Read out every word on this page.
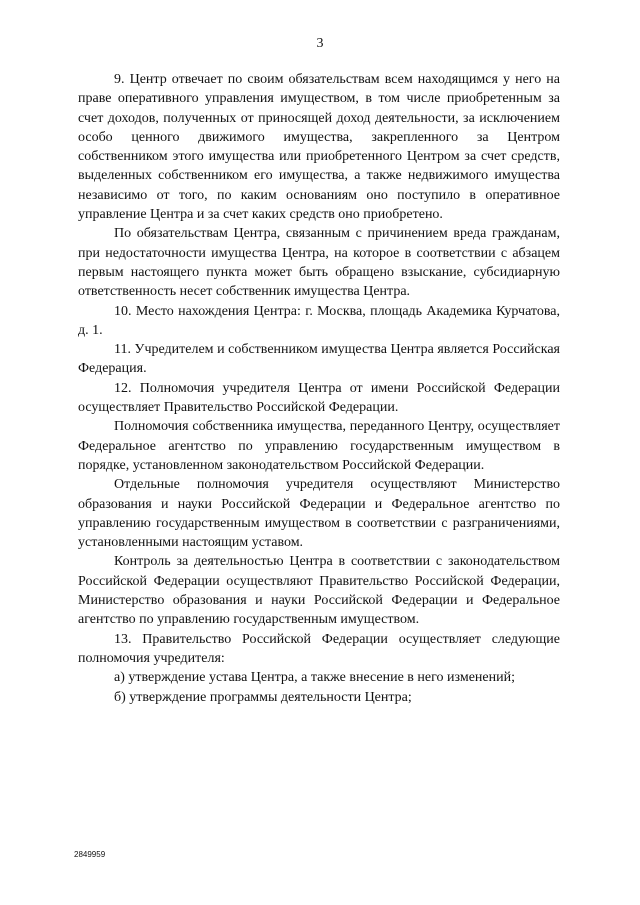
3

9. Центр отвечает по своим обязательствам всем находящимся у него на праве оперативного управления имуществом, в том числе приобретенным за счет доходов, полученных от приносящей доход деятельности, за исключением особо ценного движимого имущества, закрепленного за Центром собственником этого имущества или приобретенного Центром за счет средств, выделенных собственником его имущества, а также недвижимого имущества независимо от того, по каким основаниям оно поступило в оперативное управление Центра и за счет каких средств оно приобретено.

По обязательствам Центра, связанным с причинением вреда гражданам, при недостаточности имущества Центра, на которое в соответствии с абзацем первым настоящего пункта может быть обращено взыскание, субсидиарную ответственность несет собственник имущества Центра.

10. Место нахождения Центра: г. Москва, площадь Академика Курчатова, д. 1.

11. Учредителем и собственником имущества Центра является Российская Федерация.

12. Полномочия учредителя Центра от имени Российской Федерации осуществляет Правительство Российской Федерации.

Полномочия собственника имущества, переданного Центру, осуществляет Федеральное агентство по управлению государственным имуществом в порядке, установленном законодательством Российской Федерации.

Отдельные полномочия учредителя осуществляют Министерство образования и науки Российской Федерации и Федеральное агентство по управлению государственным имуществом в соответствии с разграничениями, установленными настоящим уставом.

Контроль за деятельностью Центра в соответствии с законодательством Российской Федерации осуществляют Правительство Российской Федерации, Министерство образования и науки Российской Федерации и Федеральное агентство по управлению государственным имуществом.

13. Правительство Российской Федерации осуществляет следующие полномочия учредителя:

а) утверждение устава Центра, а также внесение в него изменений;

б) утверждение программы деятельности Центра;

2849959
